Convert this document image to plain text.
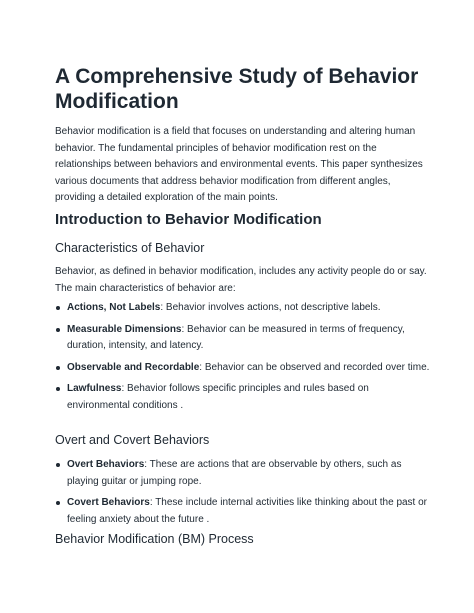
A Comprehensive Study of Behavior Modification

Behavior modification is a field that focuses on understanding and altering human behavior. The fundamental principles of behavior modification rest on the relationships between behaviors and environmental events. This paper synthesizes various documents that address behavior modification from different angles, providing a detailed exploration of the main points.

Introduction to Behavior Modification
Characteristics of Behavior

Behavior, as defined in behavior modification, includes any activity people do or say. The main characteristics of behavior are:

Actions, Not Labels: Behavior involves actions, not descriptive labels.
Measurable Dimensions: Behavior can be measured in terms of frequency, duration, intensity, and latency.
Observable and Recordable: Behavior can be observed and recorded over time.
Lawfulness: Behavior follows specific principles and rules based on environmental conditions .
Overt and Covert Behaviors
Overt Behaviors: These are actions that are observable by others, such as playing guitar or jumping rope.
Covert Behaviors: These include internal activities like thinking about the past or feeling anxiety about the future .
Behavior Modification (BM) Process
